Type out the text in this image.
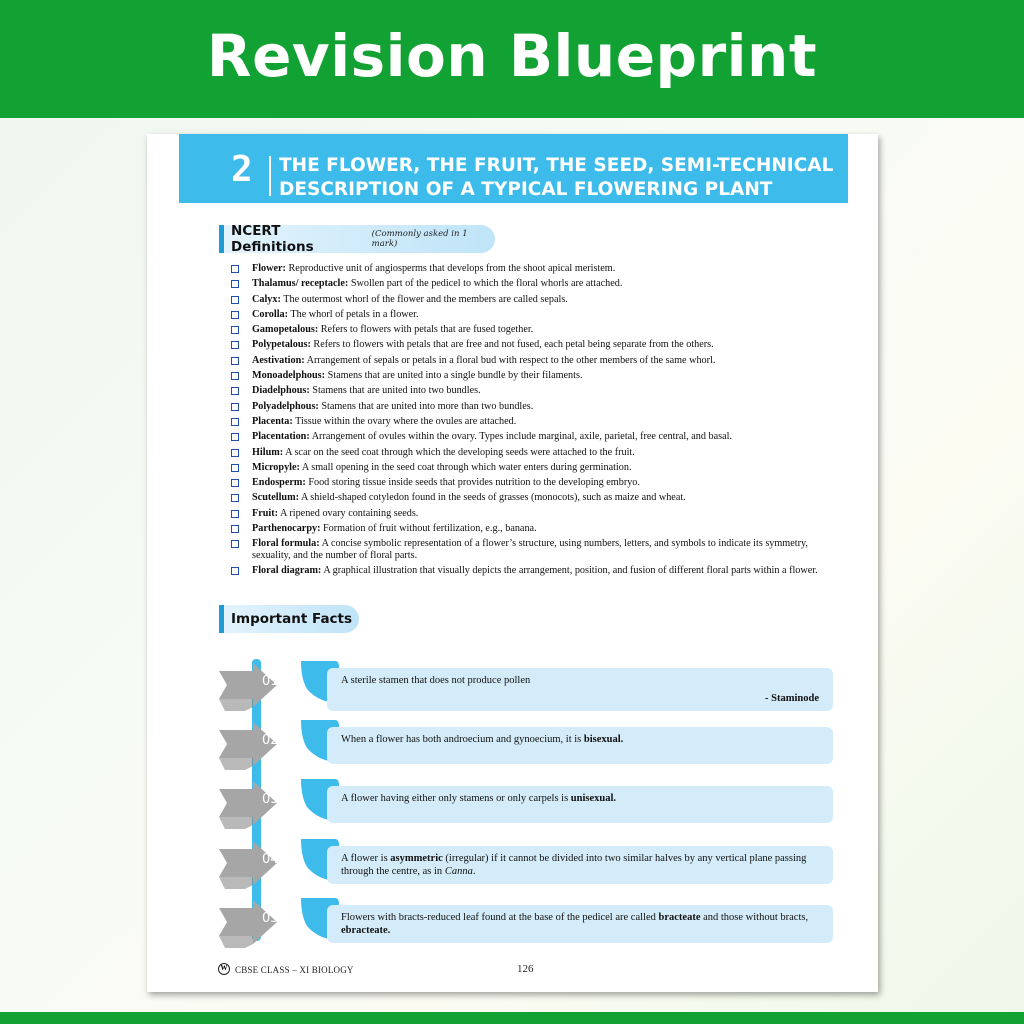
Revision Blueprint
2 THE FLOWER, THE FRUIT, THE SEED, SEMI-TECHNICAL
DESCRIPTION OF A TYPICAL FLOWERING PLANT
NCERT Definitions
(Commonly asked in 1 mark)
Flower: Reproductive unit of angiosperms that develops from the shoot apical meristem.
Thalamus/ receptacle: Swollen part of the pedicel to which the floral whorls are attached.
Calyx: The outermost whorl of the flower and the members are called sepals.
Corolla: The whorl of petals in a flower.
Gamopetalous: Refers to flowers with petals that are fused together.
Polypetalous: Refers to flowers with petals that are free and not fused, each petal being separate from the others.
Aestivation: Arrangement of sepals or petals in a floral bud with respect to the other members of the same whorl.
Monoadelphous: Stamens that are united into a single bundle by their filaments.
Diadelphous: Stamens that are united into two bundles.
Polyadelphous: Stamens that are united into more than two bundles.
Placenta: Tissue within the ovary where the ovules are attached.
Placentation: Arrangement of ovules within the ovary. Types include marginal, axile, parietal, free central, and basal.
Hilum: A scar on the seed coat through which the developing seeds were attached to the fruit.
Micropyle: A small opening in the seed coat through which water enters during germination.
Endosperm: Food storing tissue inside seeds that provides nutrition to the developing embryo.
Scutellum: A shield-shaped cotyledon found in the seeds of grasses (monocots), such as maize and wheat.
Fruit: A ripened ovary containing seeds.
Parthenocarpy: Formation of fruit without fertilization, e.g., banana.
Floral formula: A concise symbolic representation of a flower’s structure, using numbers, letters, and symbols to indicate its symmetry, sexuality, and the number of floral parts.
Floral diagram: A graphical illustration that visually depicts the arrangement, position, and fusion of different floral parts within a flower.
Important Facts
01	A sterile stamen that does not produce pollen
- Staminode
02	When a flower has both androecium and gynoecium, it is bisexual.
03	A flower having either only stamens or only carpels is unisexual.
04	A flower is asymmetric (irregular) if it cannot be divided into two similar halves by any vertical plane passing through the centre, as in Canna.
05	Flowers with bracts-reduced leaf found at the base of the pedicel are called bracteate and those without bracts, ebracteate.
W CBSE CLASS – XI BIOLOGY	126
